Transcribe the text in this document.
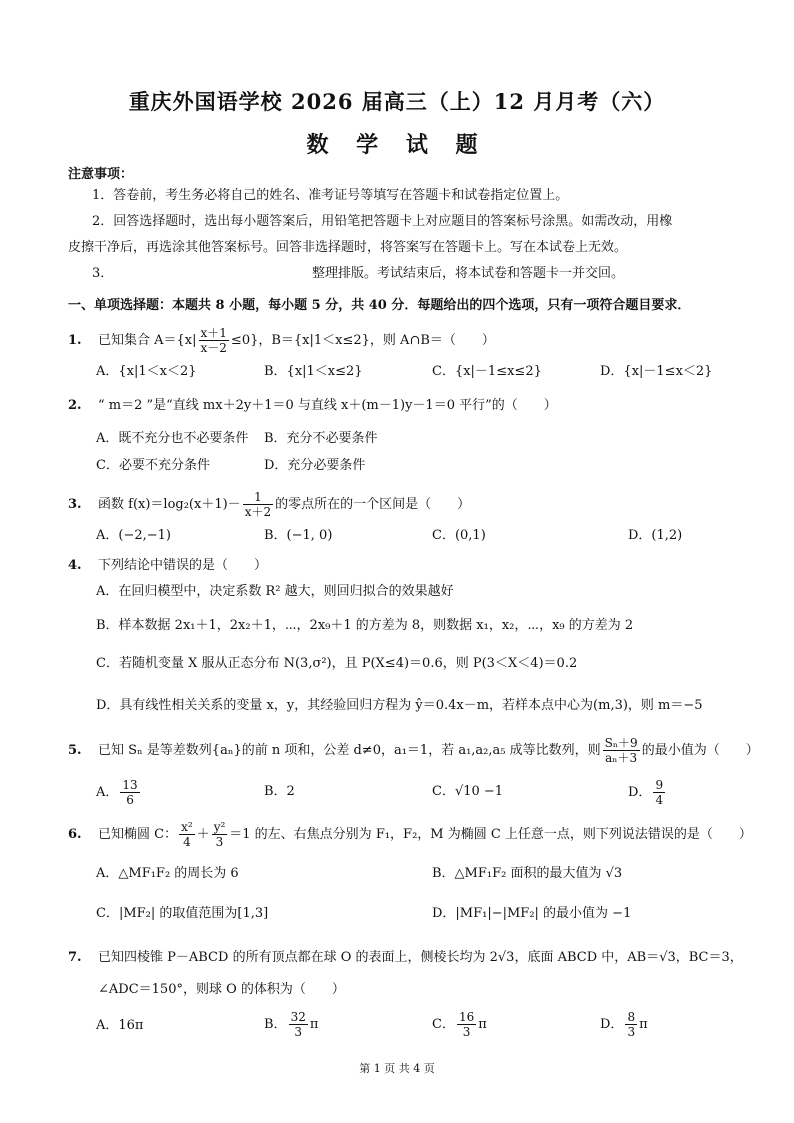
重庆外国语学校 2026 届高三（上）12 月月考（六）
数 学 试 题
注意事项：
1．答卷前，考生务必将自己的姓名、准考证号等填写在答题卡和试卷指定位置上。
2．回答选择题时，选出每小题答案后，用铅笔把答题卡上对应题目的答案标号涂黑。如需改动，用橡
皮擦干净后，再选涂其他答案标号。回答非选择题时，将答案写在答题卡上。写在本试卷上无效。
3．	整理排版。考试结束后，将本试卷和答题卡一并交回。
一、单项选择题：本题共 8 小题，每小题 5 分，共 40 分．每题给出的四个选项，只有一项符合题目要求．
1. 已知集合 $A=\{x| \frac{x+1}{x-2} \le 0\}$，B＝{x|1＜x≤2}，则 A∩B＝（　　）
A．{x|1＜x＜2}	B．{x|1＜x≤2}	C．{x|－1≤x≤2}	D．{x|－1≤x＜2}
2. “ m＝2 ”是“直线 mx＋2y＋1＝0 与直线 x＋(m－1)y－1＝0 平行”的（　　）
A．既不充分也不必要条件 B．充分不必要条件
C．必要不充分条件	D．充分必要条件
3. 函数 $f(x)=\log_2(x+1)- \frac{1}{x+2}$ 的零点所在的一个区间是（　　）
A．(−2,−1)	B．(−1, 0)	C．(0,1)	D．(1,2)
4. 下列结论中错误的是（　　）
A．在回归模型中，决定系数 R² 越大，则回归拟合的效果越好
B．样本数据 2x₁＋1，2x₂＋1，⋯，2x₉＋1 的方差为 8，则数据 x₁，x₂，⋯，x₉ 的方差为 2
C．若随机变量 X 服从正态分布 N(3,σ²)，且 P(X≤4)＝0.6，则 P(3＜X＜4)＝0.2
D．具有线性相关关系的变量 x，y，其经验回归方程为 ŷ＝0.4x－m，若样本点中心为(m,3)，则 m＝−5
5. 已知 Sₙ 是等差数列{aₙ}的前 n 项和，公差 d≠0，a₁＝1，若 a₁,a₂,a₅ 成等比数列，则 $\frac{\text{Sₙ＋9}}{\text{aₙ＋3}}$ 的最小值为（　　）
A． $\frac{13}{6}$	B．2	C．√10 −1	D． $\frac{9}{4}$
6. 已知椭圆 C： $\frac{\text{x²}}{4} + \frac{\text{y²}}{3} =1$ 的左、右焦点分别为 F₁，F₂，M 为椭圆 C 上任意一点，则下列说法错误的是（　　）
A．△MF₁F₂ 的周长为 6	B．△MF₁F₂ 面积的最大值为 √3
C．|MF₂| 的取值范围为[1,3]	D．|MF₁|−|MF₂| 的最小值为 −1
7. 已知四棱锥 P－ABCD 的所有顶点都在球 O 的表面上，侧棱长均为 2√3，底面 ABCD 中，AB＝√3，BC＝3，
∠ADC＝150°，则球 O 的体积为（　　）
A．16π	B． $\frac{32}{3}$ π	C． $\frac{16}{3}$ π	D． $\frac{8}{3}$ π
第 1 页 共 4 页
